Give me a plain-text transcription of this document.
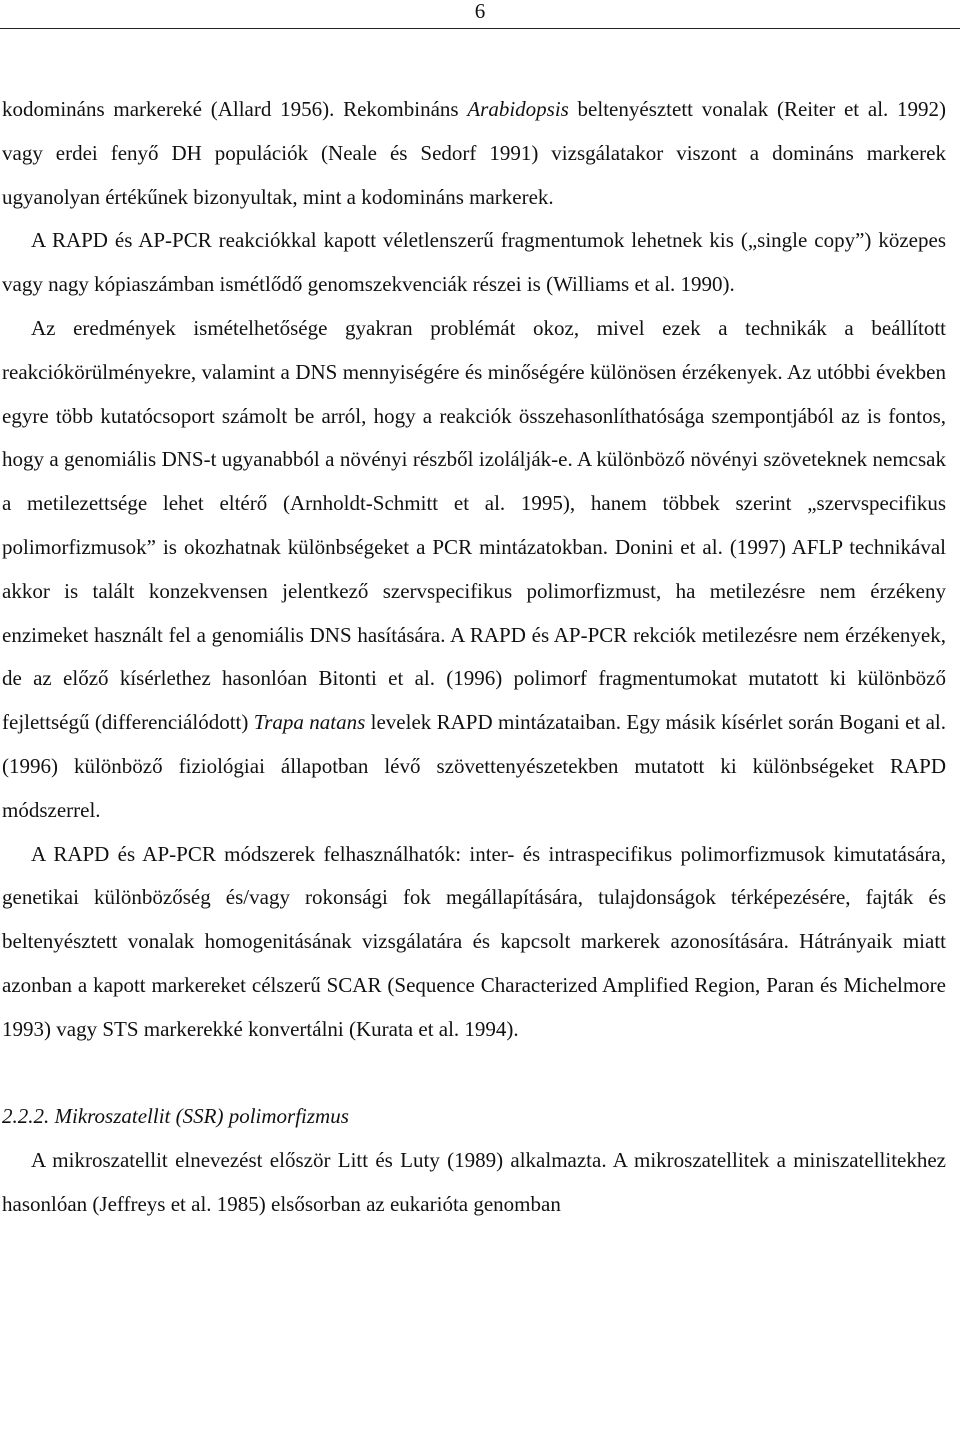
6

kodomináns markereké (Allard 1956). Rekombináns Arabidopsis beltenyésztett vonalak (Reiter et al. 1992) vagy erdei fenyő DH populációk (Neale és Sedorf 1991) vizsgálatakor viszont a domináns markerek ugyanolyan értékűnek bizonyultak, mint a kodomináns markerek.

A RAPD és AP-PCR reakciókkal kapott véletlenszerű fragmentumok lehetnek kis („single copy”) közepes vagy nagy kópiaszámban ismétlődő genomszekvenciák részei is (Williams et al. 1990).

Az eredmények ismételhetősége gyakran problémát okoz, mivel ezek a technikák a beállított reakciókörülményekre, valamint a DNS mennyiségére és minőségére különösen érzékenyek. Az utóbbi években egyre több kutatócsoport számolt be arról, hogy a reakciók összehasonlíthatósága szempontjából az is fontos, hogy a genomiális DNS-t ugyanabból a növényi részből izolálják-e. A különböző növényi szöveteknek nemcsak a metilezettsége lehet eltérő (Arnholdt-Schmitt et al. 1995), hanem többek szerint „szervspecifikus polimorfizmusok” is okozhatnak különbségeket a PCR mintázatokban. Donini et al. (1997) AFLP technikával akkor is talált konzekvensen jelentkező szervspecifikus polimorfizmust, ha metilezésre nem érzékeny enzimeket használt fel a genomiális DNS hasítására. A RAPD és AP-PCR rekciók metilezésre nem érzékenyek, de az előző kísérlethez hasonlóan Bitonti et al. (1996) polimorf fragmentumokat mutatott ki különböző fejlettségű (differenciálódott) Trapa natans levelek RAPD mintázataiban. Egy másik kísérlet során Bogani et al. (1996) különböző fiziológiai állapotban lévő szövettenyészetekben mutatott ki különbségeket RAPD módszerrel.

A RAPD és AP-PCR módszerek felhasználhatók: inter- és intraspecifikus polimorfizmusok kimutatására, genetikai különbözőség és/vagy rokonsági fok megállapítására, tulajdonságok térképezésére, fajták és beltenyésztett vonalak homogenitásának vizsgálatára és kapcsolt markerek azonosítására. Hátrányaik miatt azonban a kapott markereket célszerű SCAR (Sequence Characterized Amplified Region, Paran és Michelmore 1993) vagy STS markerekké konvertálni (Kurata et al. 1994).

2.2.2. Mikroszatellit (SSR) polimorfizmus

A mikroszatellit elnevezést először Litt és Luty (1989) alkalmazta. A mikroszatellitek a miniszatellitekhez hasonlóan (Jeffreys et al. 1985) elsősorban az eukarióta genomban
